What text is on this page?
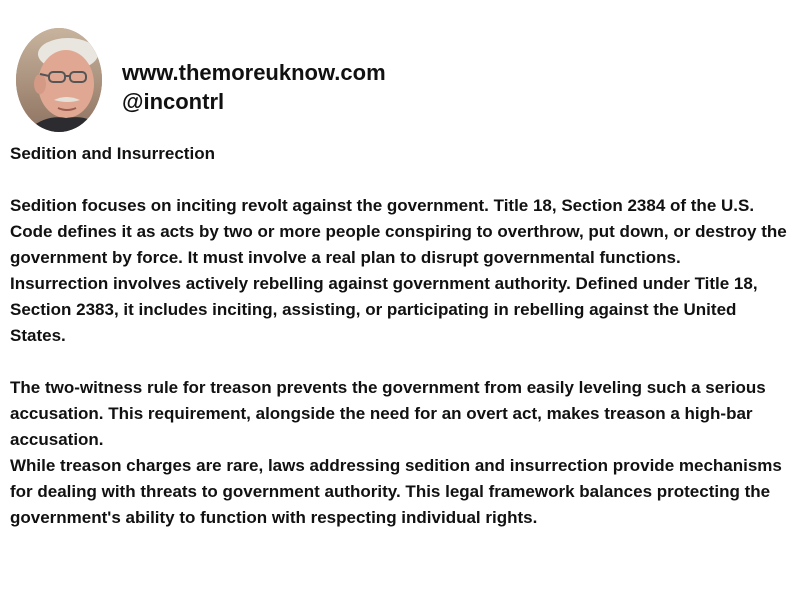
www.themoreuknow.com
@incontrl

Sedition and Insurrection

Sedition focuses on inciting revolt against the government. Title 18, Section 2384 of the U.S. Code defines it as acts by two or more people conspiring to overthrow, put down, or destroy the government by force. It must involve a real plan to disrupt governmental functions.

Insurrection involves actively rebelling against government authority. Defined under Title 18, Section 2383, it includes inciting, assisting, or participating in rebelling against the United States.

The two-witness rule for treason prevents the government from easily leveling such a serious accusation. This requirement, alongside the need for an overt act, makes treason a high-bar accusation.

While treason charges are rare, laws addressing sedition and insurrection provide mechanisms for dealing with threats to government authority. This legal framework balances protecting the government's ability to function with respecting individual rights.
